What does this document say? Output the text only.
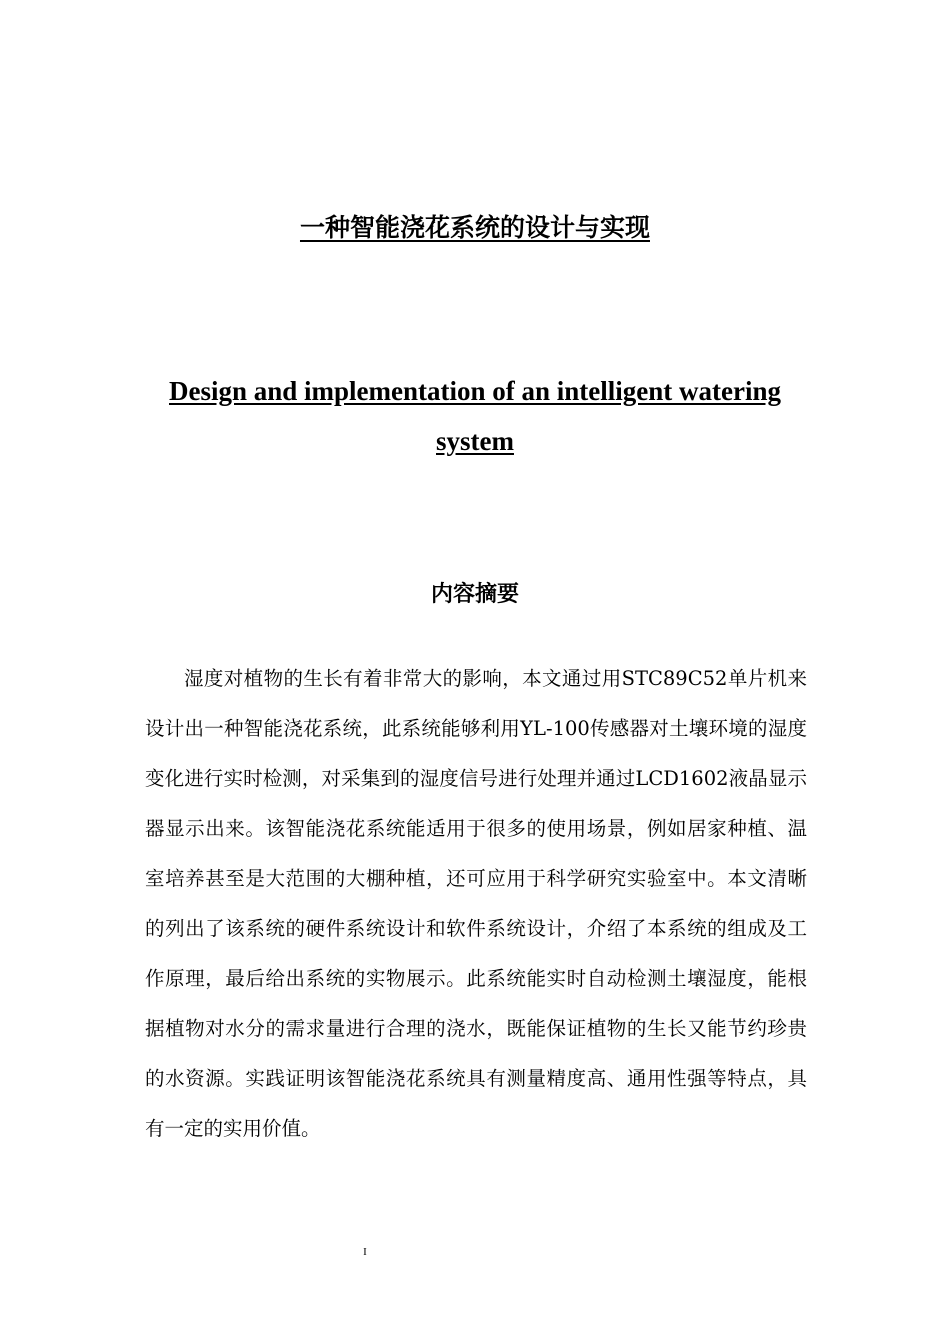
一种智能浇花系统的设计与实现
Design and implementation of an intelligent watering system
内容摘要

湿度对植物的生长有着非常大的影响，本文通过用STC89C52单片机来设计出一种智能浇花系统，此系统能够利用YL-100传感器对土壤环境的湿度变化进行实时检测，对采集到的湿度信号进行处理并通过LCD1602液晶显示器显示出来。该智能浇花系统能适用于很多的使用场景，例如居家种植、温室培养甚至是大范围的大棚种植，还可应用于科学研究实验室中。本文清晰的列出了该系统的硬件系统设计和软件系统设计，介绍了本系统的组成及工作原理，最后给出系统的实物展示。此系统能实时自动检测土壤湿度，能根据植物对水分的需求量进行合理的浇水，既能保证植物的生长又能节约珍贵的水资源。实践证明该智能浇花系统具有测量精度高、通用性强等特点，具有一定的实用价值。

I
